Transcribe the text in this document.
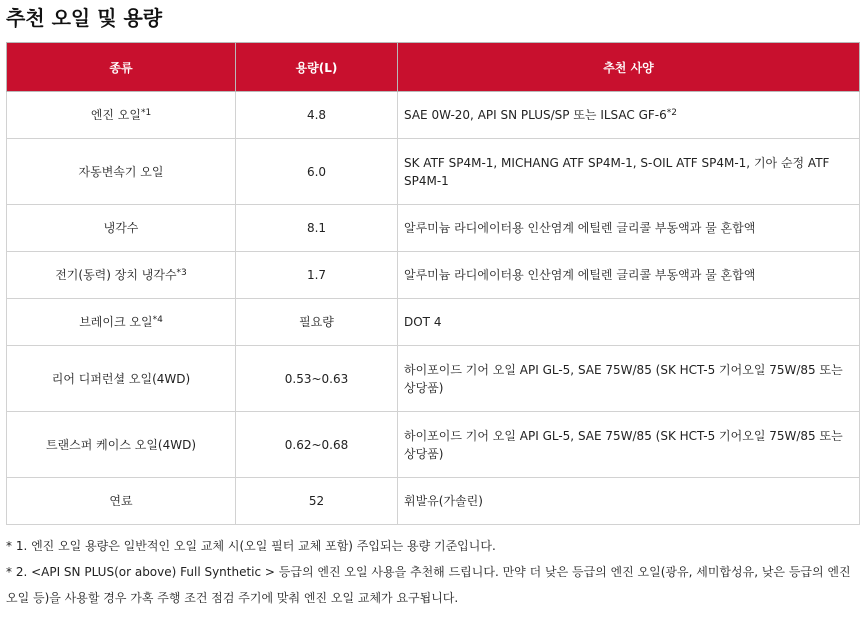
추천 오일 및 용량
종류	용량(L)	추천 사양
엔진 오일$^{*1}$	4.8	SAE 0W-20, API SN PLUS/SP 또는 ILSAC GF-6$^{*2}$
자동변속기 오일	6.0	SK ATF SP4M-1, MICHANG ATF SP4M-1, S-OIL ATF SP4M-1, 기아 순정 ATF SP4M-1
냉각수	8.1	알루미늄 라디에이터용 인산염계 에틸렌 글리콜 부동액과 물 혼합액
전기(동력) 장치 냉각수$^{*3}$	1.7	알루미늄 라디에이터용 인산염계 에틸렌 글리콜 부동액과 물 혼합액
브레이크 오일$^{*4}$	필요량	DOT 4
리어 디퍼런셜 오일(4WD)	0.53~0.63	하이포이드 기어 오일 API GL-5, SAE 75W/85 (SK HCT-5 기어오일 75W/85 또는 상당품)
트랜스퍼 케이스 오일(4WD)	0.62~0.68	하이포이드 기어 오일 API GL-5, SAE 75W/85 (SK HCT-5 기어오일 75W/85 또는 상당품)
연료	52	휘발유(가솔린)

* 1. 엔진 오일 용량은 일반적인 오일 교체 시(오일 필터 교체 포함) 주입되는 용량 기준입니다.

* 2. <API SN PLUS(or above) Full Synthetic > 등급의 엔진 오일 사용을 추천해 드립니다. 만약 더 낮은 등급의 엔진 오일(광유, 세미합성유, 낮은 등급의 엔진 오일 등)을 사용할 경우 가혹 주행 조건 점검 주기에 맞춰 엔진 오일 교체가 요구됩니다.
